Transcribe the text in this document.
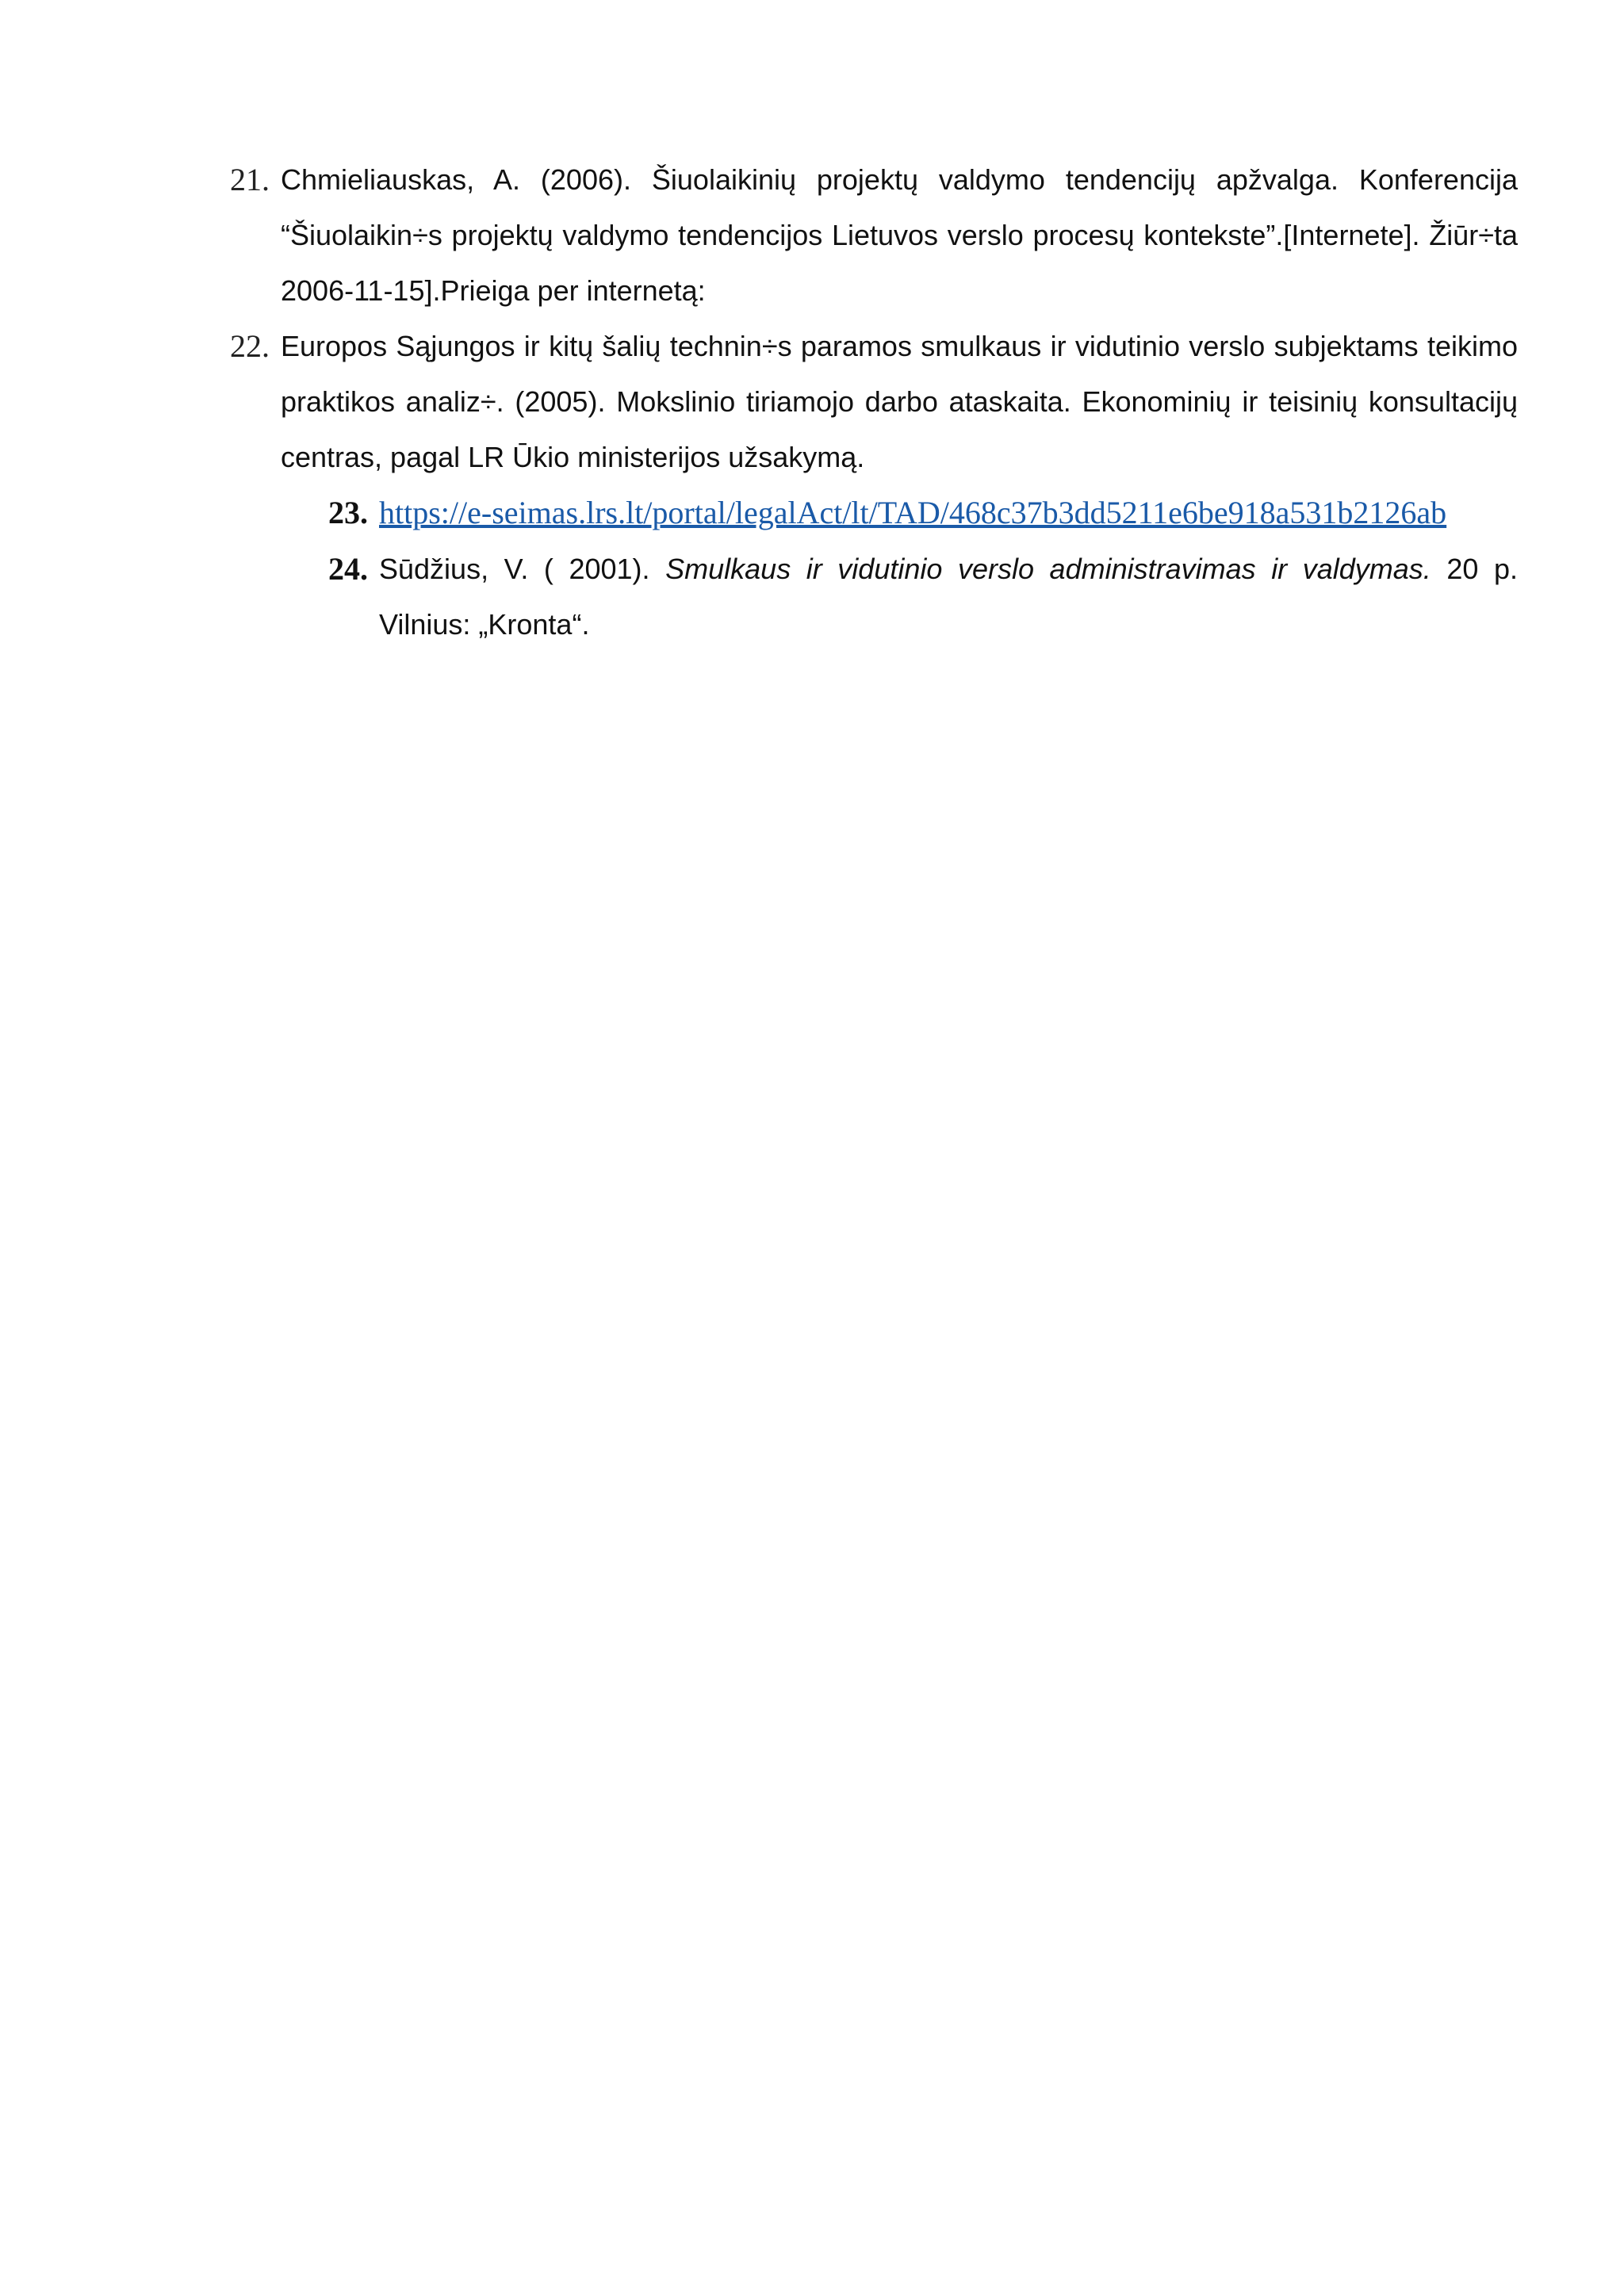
21. Chmieliauskas, A. (2006). Šiuolaikinių projektų valdymo tendencijų apžvalga. Konferencija “Šiuolaikin÷s projektų valdymo tendencijos Lietuvos verslo procesų kontekste”.[Internete]. Žiūr÷ta 2006-11-15].Prieiga per internetą:
22. Europos Sąjungos ir kitų šalių technin÷s paramos smulkaus ir vidutinio verslo subjektams teikimo praktikos analiz÷. (2005). Mokslinio tiriamojo darbo ataskaita. Ekonominių ir teisinių konsultacijų centras, pagal LR Ūkio ministerijos užsakymą.
23. https://e-seimas.lrs.lt/portal/legalAct/lt/TAD/468c37b3dd5211e6be918a531b2126ab
24. Sūdžius, V. ( 2001). Smulkaus ir vidutinio verslo administravimas ir valdymas. 20 p. Vilnius: „Kronta“.
